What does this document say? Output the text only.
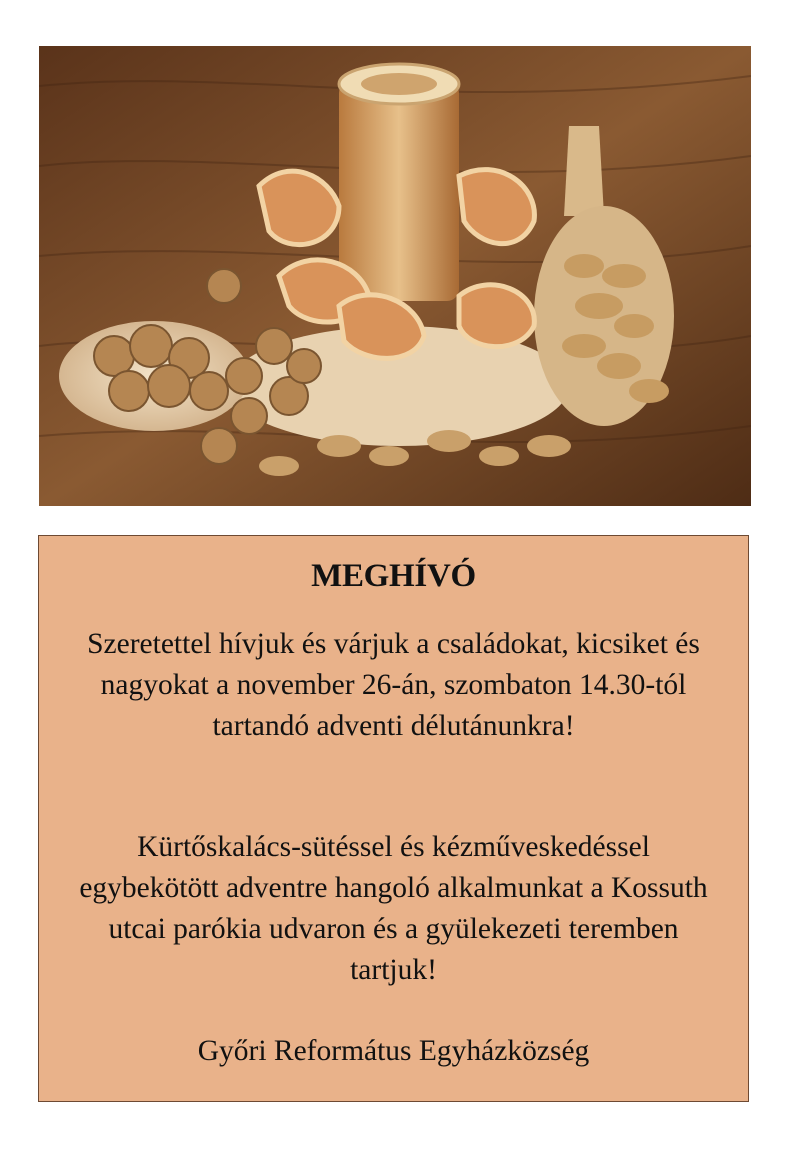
MEGHÍVÓ

Szeretettel hívjuk és várjuk a családokat, kicsiket és nagyokat a november 26-án, szombaton 14.30-tól tartandó adventi délutánunkra!

Kürtőskalács-sütéssel és kézműveskedéssel egybekötött adventre hangoló alkalmunkat a Kossuth utcai parókia udvaron és a gyülekezeti teremben tartjuk!

Győri Református Egyházközség
